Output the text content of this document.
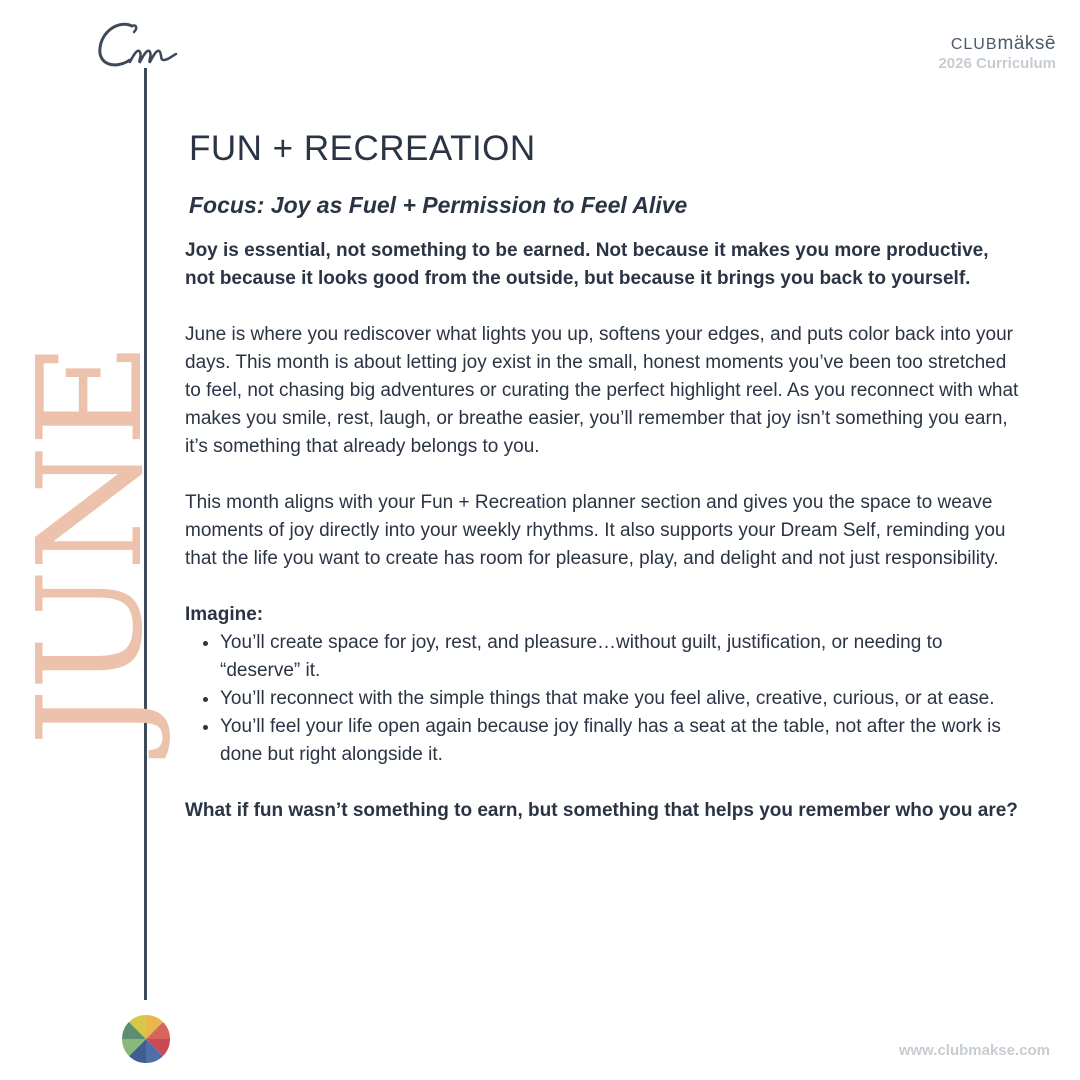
JUNE
CLUBmäksē
2026 Curriculum
www.clubmakse.com
FUN + RECREATION
Focus: Joy as Fuel + Permission to Feel Alive

Joy is essential, not something to be earned. Not because it makes you more productive, not because it looks good from the outside, but because it brings you back to yourself.

June is where you rediscover what lights you up, softens your edges, and puts color back into your days. This month is about letting joy exist in the small, honest moments you’ve been too stretched to feel, not chasing big adventures or curating the perfect highlight reel. As you reconnect with what makes you smile, rest, laugh, or breathe easier, you’ll remember that joy isn’t something you earn, it’s something that already belongs to you.

This month aligns with your Fun + Recreation planner section and gives you the space to weave moments of joy directly into your weekly rhythms. It also supports your Dream Self, reminding you that the life you want to create has room for pleasure, play, and delight and not just responsibility.

Imagine:
• You’ll create space for joy, rest, and pleasure…without guilt, justification, or needing to “deserve” it.
• You’ll reconnect with the simple things that make you feel alive, creative, curious, or at ease.
• You’ll feel your life open again because joy finally has a seat at the table, not after the work is done but right alongside it.

What if fun wasn’t something to earn, but something that helps you remember who you are?
